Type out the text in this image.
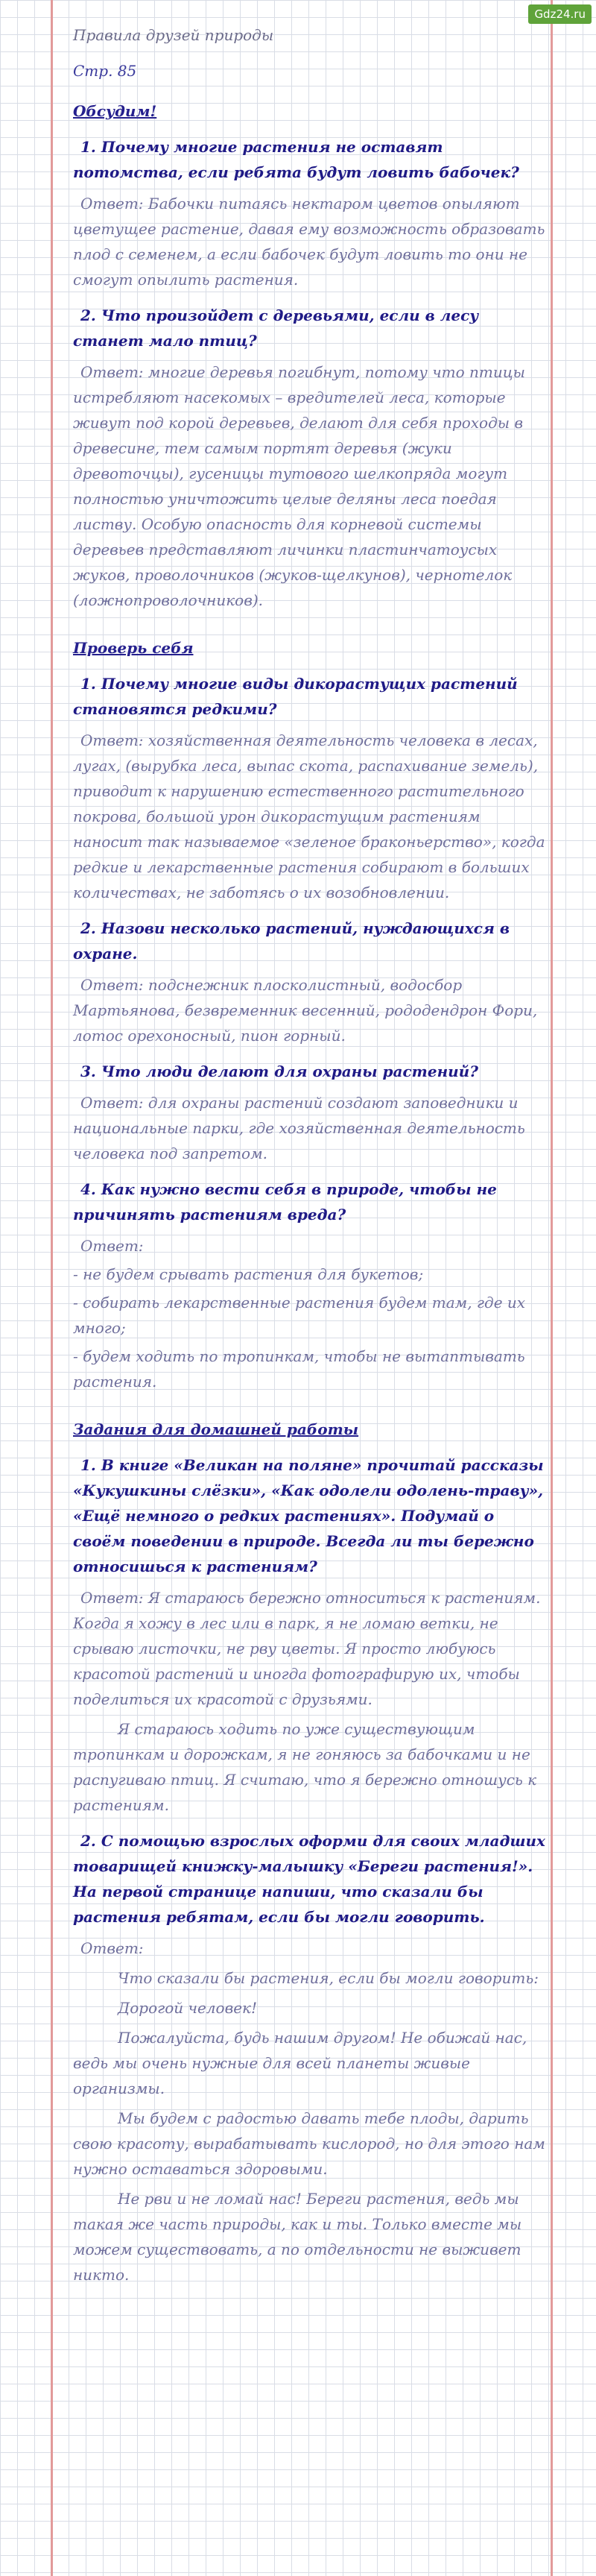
Gdz24.ru

Правила друзей природы

Стр. 85

Обсудим!

1. Почему многие растения не оставят потомства, если ребята будут ловить бабочек?

Ответ: Бабочки питаясь нектаром цветов опыляют цветущее растение, давая ему возможность образовать плод с семенем, а если бабочек будут ловить то они не смогут опылить растения.

2. Что произойдет с деревьями, если в лесу станет мало птиц?

Ответ: многие деревья погибнут, потому что птицы истребляют насекомых – вредителей леса, которые живут под корой деревьев, делают для себя проходы в древесине, тем самым портят деревья (жуки древоточцы), гусеницы тутового шелкопряда могут полностью уничтожить целые деляны леса поедая листву. Особую опасность для корневой системы деревьев представляют личинки пластинчатоусых жуков, проволочников (жуков-щелкунов), чернотелок (ложнопроволочников).

Проверь себя

1. Почему многие виды дикорастущих растений становятся редкими?

Ответ: хозяйственная деятельность человека в лесах, лугах, (вырубка леса, выпас скота, распахивание земель), приводит к нарушению естественного растительного покрова, большой урон дикорастущим растениям наносит так называемое «зеленое браконьерство», когда редкие и лекарственные растения собирают в больших количествах, не заботясь о их возобновлении.

2. Назови несколько растений, нуждающихся в охране.

Ответ: подснежник плосколистный, водосбор Мартьянова, безвременник весенний, рододендрон Фори, лотос орехоносный, пион горный.

3. Что люди делают для охраны растений?

Ответ: для охраны растений создают заповедники и национальные парки, где хозяйственная деятельность человека под запретом.

4. Как нужно вести себя в природе, чтобы не причинять растениям вреда?

Ответ:

- не будем срывать растения для букетов;

- собирать лекарственные растения будем там, где их много;

- будем ходить по тропинкам, чтобы не вытаптывать растения.

Задания для домашней работы

1. В книге «Великан на поляне» прочитай рассказы «Кукушкины слёзки», «Как одолели одолень-траву», «Ещё немного о редких растениях». Подумай о своём поведении в природе. Всегда ли ты бережно относишься к растениям?

Ответ: Я стараюсь бережно относиться к растениям. Когда я хожу в лес или в парк, я не ломаю ветки, не срываю листочки, не рву цветы. Я просто любуюсь красотой растений и иногда фотографирую их, чтобы поделиться их красотой с друзьями.

Я стараюсь ходить по уже существующим тропинкам и дорожкам, я не гоняюсь за бабочками и не распугиваю птиц. Я считаю, что я бережно отношусь к растениям.

2. С помощью взрослых оформи для своих младших товарищей книжку-малышку «Береги растения!». На первой странице напиши, что сказали бы растения ребятам, если бы могли говорить.

Ответ:

Что сказали бы растения, если бы могли говорить:

Дорогой человек!

Пожалуйста, будь нашим другом! Не обижай нас, ведь мы очень нужные для всей планеты живые организмы.

Мы будем с радостью давать тебе плоды, дарить свою красоту, вырабатывать кислород, но для этого нам нужно оставаться здоровыми.

Не рви и не ломай нас! Береги растения, ведь мы такая же часть природы, как и ты. Только вместе мы можем существовать, а по отдельности не выживет никто.
